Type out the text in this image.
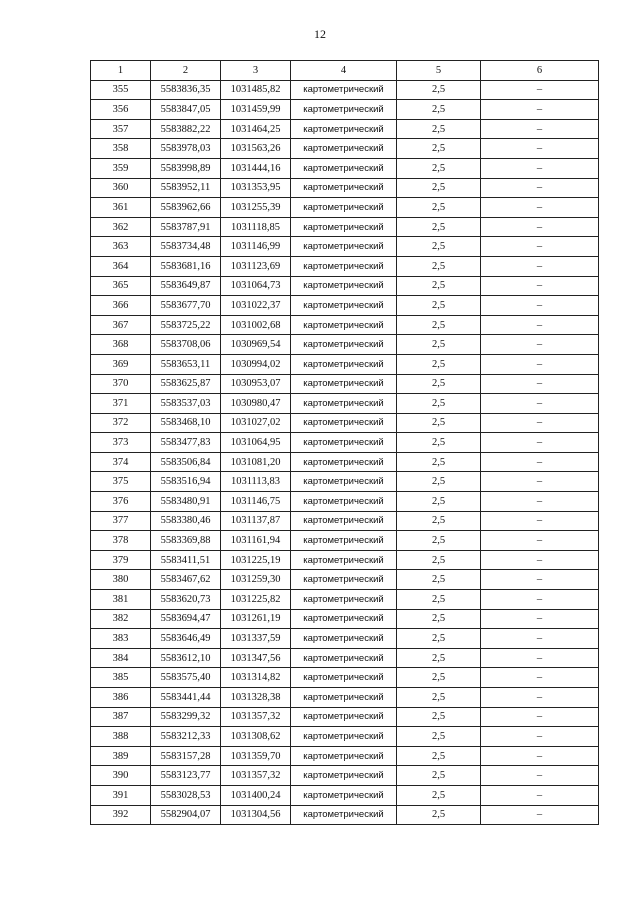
12
1	2	3	4	5	6
355	5583836,35	1031485,82	картометрический	2,5	–
356	5583847,05	1031459,99	картометрический	2,5	–
357	5583882,22	1031464,25	картометрический	2,5	–
358	5583978,03	1031563,26	картометрический	2,5	–
359	5583998,89	1031444,16	картометрический	2,5	–
360	5583952,11	1031353,95	картометрический	2,5	–
361	5583962,66	1031255,39	картометрический	2,5	–
362	5583787,91	1031118,85	картометрический	2,5	–
363	5583734,48	1031146,99	картометрический	2,5	–
364	5583681,16	1031123,69	картометрический	2,5	–
365	5583649,87	1031064,73	картометрический	2,5	–
366	5583677,70	1031022,37	картометрический	2,5	–
367	5583725,22	1031002,68	картометрический	2,5	–
368	5583708,06	1030969,54	картометрический	2,5	–
369	5583653,11	1030994,02	картометрический	2,5	–
370	5583625,87	1030953,07	картометрический	2,5	–
371	5583537,03	1030980,47	картометрический	2,5	–
372	5583468,10	1031027,02	картометрический	2,5	–
373	5583477,83	1031064,95	картометрический	2,5	–
374	5583506,84	1031081,20	картометрический	2,5	–
375	5583516,94	1031113,83	картометрический	2,5	–
376	5583480,91	1031146,75	картометрический	2,5	–
377	5583380,46	1031137,87	картометрический	2,5	–
378	5583369,88	1031161,94	картометрический	2,5	–
379	5583411,51	1031225,19	картометрический	2,5	–
380	5583467,62	1031259,30	картометрический	2,5	–
381	5583620,73	1031225,82	картометрический	2,5	–
382	5583694,47	1031261,19	картометрический	2,5	–
383	5583646,49	1031337,59	картометрический	2,5	–
384	5583612,10	1031347,56	картометрический	2,5	–
385	5583575,40	1031314,82	картометрический	2,5	–
386	5583441,44	1031328,38	картометрический	2,5	–
387	5583299,32	1031357,32	картометрический	2,5	–
388	5583212,33	1031308,62	картометрический	2,5	–
389	5583157,28	1031359,70	картометрический	2,5	–
390	5583123,77	1031357,32	картометрический	2,5	–
391	5583028,53	1031400,24	картометрический	2,5	–
392	5582904,07	1031304,56	картометрический	2,5	–
